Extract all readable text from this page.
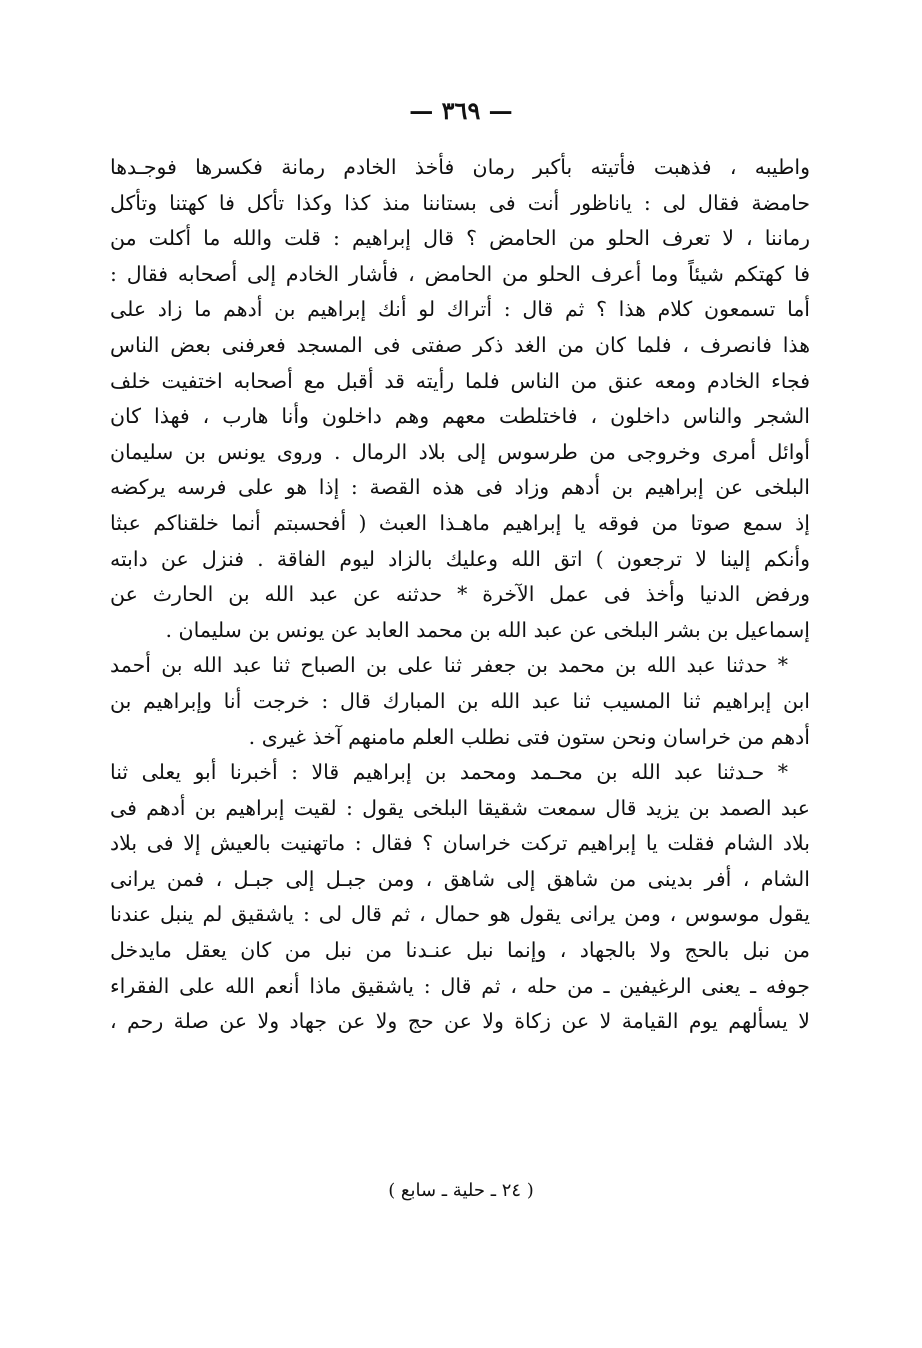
— ٣٦٩ —
واطيبه ، فذهبت فأتيته بأكبر رمان فأخذ الخادم رمانة فكسرها فوجـدها
حامضة فقال لى : ياناظور أنت فى بستاننا منذ كذا وكذا تأكل فا كهتنا وتأكل
رماننا ، لا تعرف الحلو من الحامض ؟ قال إبراهيم : قلت والله ما أكلت من
فا كهتكم شيئاً وما أعرف الحلو من الحامض ، فأشار الخادم إلى أصحابه فقال :
أما تسمعون كلام هذا ؟ ثم قال : أتراك لو أنك إبراهيم بن أدهم ما زاد على
هذا فانصرف ، فلما كان من الغد ذكر صفتى فى المسجد فعرفنى بعض الناس
فجاء الخادم ومعه عنق من الناس فلما رأيته قد أقبل مع أصحابه اختفيت خلف
الشجر والناس داخلون ، فاختلطت معهم وهم داخلون وأنا هارب ، فهذا كان
أوائل أمرى وخروجى من طرسوس إلى بلاد الرمال . وروى يونس بن سليمان
البلخى عن إبراهيم بن أدهم وزاد فى هذه القصة : إذا هو على فرسه يركضه
إذ سمع صوتا من فوقه يا إبراهيم ماهـذا العبث ( أفحسبتم أنما خلقناكم عبثا
وأنكم إلينا لا ترجعون ) اتق الله وعليك بالزاد ليوم الفاقة . فنزل عن دابته
ورفض الدنيا وأخذ فى عمل الآخرة * حدثنه عن عبد الله بن الحارث عن
إسماعيل بن بشر البلخى عن عبد الله بن محمد العابد عن يونس بن سليمان .
* حدثنا عبد الله بن محمد بن جعفر ثنا على بن الصباح ثنا عبد الله بن أحمد
ابن إبراهيم ثنا المسيب ثنا عبد الله بن المبارك قال : خرجت أنا وإبراهيم بن
أدهم من خراسان ونحن ستون فتى نطلب العلم مامنهم آخذ غيرى .
* حـدثنا عبد الله بن محـمد ومحمد بن إبراهيم قالا : أخبرنا أبو يعلى ثنا
عبد الصمد بن يزيد قال سمعت شقيقا البلخى يقول : لقيت إبراهيم بن أدهم فى
بلاد الشام فقلت يا إبراهيم تركت خراسان ؟ فقال : ماتهنيت بالعيش إلا فى بلاد
الشام ، أفر بدينى من شاهق إلى شاهق ، ومن جبـل إلى جبـل ، فمن يرانى
يقول موسوس ، ومن يرانى يقول هو حمال ، ثم قال لى : ياشقيق لم ينبل عندنا
من نبل بالحج ولا بالجهاد ، وإنما نبل عنـدنا من نبل من كان يعقل مايدخل
جوفه ـ يعنى الرغيفين ـ من حله ، ثم قال : ياشقيق ماذا أنعم الله على الفقراء
لا يسألهم يوم القيامة لا عن زكاة ولا عن حج ولا عن جهاد ولا عن صلة رحم ،
( ٢٤ ـ حلية ـ سابع )
